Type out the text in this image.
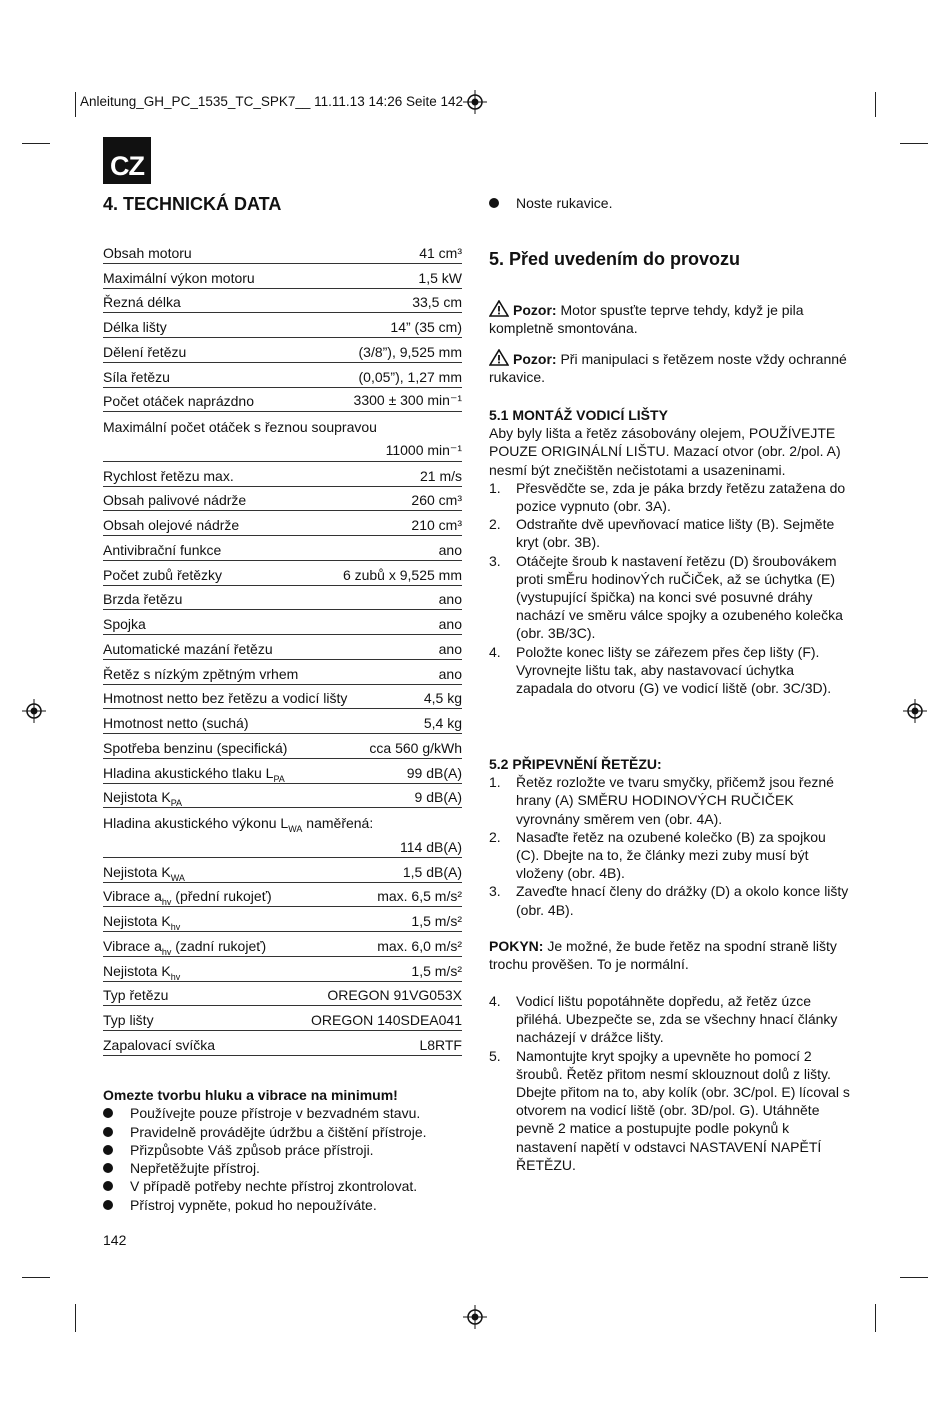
Anleitung_GH_PC_1535_TC_SPK7__ 11.11.13 14:26 Seite 142
CZ
4. TECHNICKÁ DATA
Obsah motoru	41 cm³
Maximální výkon motoru	1,5 kW
Řezná délka	33,5 cm
Délka lišty	14” (35 cm)
Dělení řetězu	(3/8”), 9,525 mm
Síla řetězu	(0,05”), 1,27 mm
Počet otáček naprázdno	3300 ± 300 min⁻¹
Maximální počet otáček s řeznou soupravou
11000 min⁻¹
Rychlost řetězu max.	21 m/s
Obsah palivové nádrže	260 cm³
Obsah olejové nádrže	210 cm³
Antivibrační funkce	ano
Počet zubů řetězky	6 zubů x 9,525 mm
Brzda řetězu	ano
Spojka	ano
Automatické mazání řetězu	ano
Řetěz s nízkým zpětným vrhem	ano
Hmotnost netto bez řetězu a vodicí lišty	4,5 kg
Hmotnost netto (suchá)	5,4 kg
Spotřeba benzinu (specifická)	cca 560 g/kWh
Hladina akustického tlaku $L_{PA}$	99 dB(A)
Nejistota $K_{PA}$	9 dB(A)
Hladina akustického výkonu $L_{WA}$ naměřená:
114 dB(A)
Nejistota $K_{WA}$	1,5 dB(A)
Vibrace $a_{hv}$ (přední rukojeť)	max. 6,5 m/s²
Nejistota $K_{hv}$	1,5 m/s²
Vibrace $a_{hv}$ (zadní rukojeť)	max. 6,0 m/s²
Nejistota $K_{hv}$	1,5 m/s²
Typ řetězu	OREGON 91VG053X
Typ lišty	OREGON 140SDEA041
Zapalovací svíčka	L8RTF
Omezte tvorbu hluku a vibrace na minimum!
Používejte pouze přístroje v bezvadném stavu.
Pravidelně provádějte údržbu a čištění přístroje.
Přizpůsobte Váš způsob práce přístroji.
Nepřetěžujte přístroj.
V případě potřeby nechte přístroj zkontrolovat.
Přístroj vypněte, pokud ho nepoužíváte.
142
Noste rukavice.
5. Před uvedením do provozu
Pozor: Motor spusťte teprve tehdy, když je pila kompletně smontována.
Pozor: Při manipulaci s řetězem noste vždy ochranné rukavice.
5.1 MONTÁŽ VODICÍ LIŠTY
Aby byly lišta a řetěz zásobovány olejem, POUŽÍVEJTE POUZE ORIGINÁLNÍ LIŠTU. Mazací otvor (obr. 2/pol. A) nesmí být znečištěn nečistotami a usazeninami.
1. Přesvědčte se, zda je páka brzdy řetězu zatažena do pozice vypnuto (obr. 3A).
2. Odstraňte dvě upevňovací matice lišty (B). Sejměte kryt (obr. 3B).
3. Otáčejte šroub k nastavení řetězu (D) šroubovákem proti smĚru hodinovÝch ruČiČek, až se úchytka (E) (vystupující špička) na konci své posuvné dráhy nachází ve směru válce spojky a ozubeného kolečka (obr. 3B/3C).
4. Položte konec lišty se zářezem přes čep lišty (F). Vyrovnejte lištu tak, aby nastavovací úchytka zapadala do otvoru (G) ve vodicí liště (obr. 3C/3D).
5.2 PŘIPEVNĚNÍ ŘETĚZU:
1. Řetěz rozložte ve tvaru smyčky, přičemž jsou řezné hrany (A) SMĚRU HODINOVÝCH RUČIČEK vyrovnány směrem ven (obr. 4A).
2. Nasaďte řetěz na ozubené kolečko (B) za spojkou (C). Dbejte na to, že články mezi zuby musí být vloženy (obr. 4B).
3. Zaveďte hnací členy do drážky (D) a okolo konce lišty (obr. 4B).
POKYN: Je možné, že bude řetěz na spodní straně lišty trochu prověšen. To je normální.
4. Vodicí lištu popotáhněte dopředu, až řetěz úzce přiléhá. Ubezpečte se, zda se všechny hnací články nacházejí v drážce lišty.
5. Namontujte kryt spojky a upevněte ho pomocí 2 šroubů. Řetěz přitom nesmí sklouznout dolů z lišty. Dbejte přitom na to, aby kolík (obr. 3C/pol. E) lícoval s otvorem na vodicí liště (obr. 3D/pol. G). Utáhněte pevně 2 matice a postupujte podle pokynů k nastavení napětí v odstavci NASTAVENÍ NAPĚTÍ ŘETĚZU.
